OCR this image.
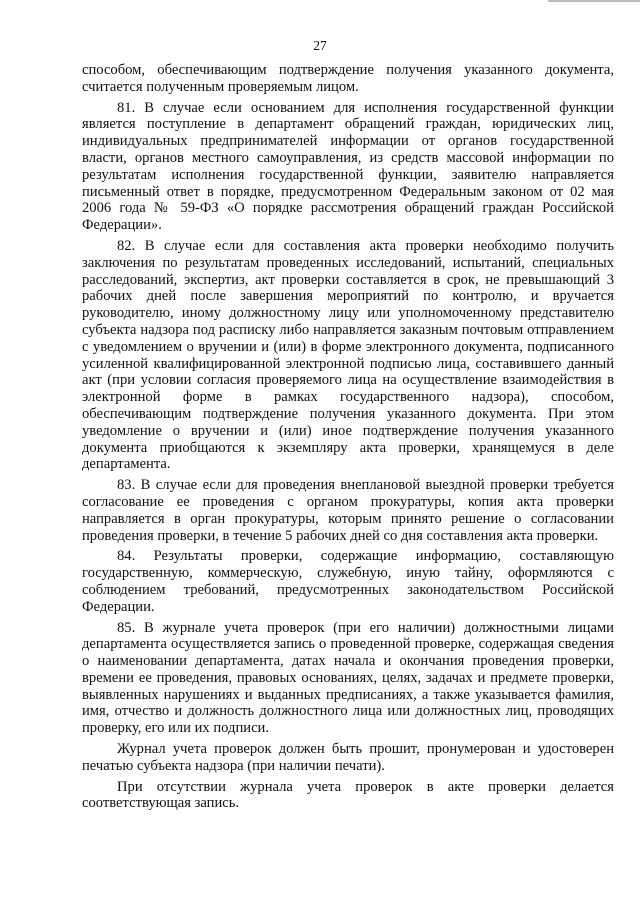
27

способом, обеспечивающим подтверждение получения указанного документа, считается полученным проверяемым лицом.

81. В случае если основанием для исполнения государственной функции является поступление в департамент обращений граждан, юридических лиц, индивидуальных предпринимателей информации от органов государственной власти, органов местного самоуправления, из средств массовой информации по результатам исполнения государственной функции, заявителю направляется письменный ответ в порядке, предусмотренном Федеральным законом от 02 мая 2006 года № 59-ФЗ «О порядке рассмотрения обращений граждан Российской Федерации».

82. В случае если для составления акта проверки необходимо получить заключения по результатам проведенных исследований, испытаний, специальных расследований, экспертиз, акт проверки составляется в срок, не превышающий 3 рабочих дней после завершения мероприятий по контролю, и вручается руководителю, иному должностному лицу или уполномоченному представителю субъекта надзора под расписку либо направляется заказным почтовым отправлением с уведомлением о вручении и (или) в форме электронного документа, подписанного усиленной квалифицированной электронной подписью лица, составившего данный акт (при условии согласия проверяемого лица на осуществление взаимодействия в электронной форме в рамках государственного надзора), способом, обеспечивающим подтверждение получения указанного документа. При этом уведомление о вручении и (или) иное подтверждение получения указанного документа приобщаются к экземпляру акта проверки, хранящемуся в деле департамента.

83. В случае если для проведения внеплановой выездной проверки требуется согласование ее проведения с органом прокуратуры, копия акта проверки направляется в орган прокуратуры, которым принято решение о согласовании проведения проверки, в течение 5 рабочих дней со дня составления акта проверки.

84. Результаты проверки, содержащие информацию, составляющую государственную, коммерческую, служебную, иную тайну, оформляются с соблюдением требований, предусмотренных законодательством Российской Федерации.

85. В журнале учета проверок (при его наличии) должностными лицами департамента осуществляется запись о проведенной проверке, содержащая сведения о наименовании департамента, датах начала и окончания проведения проверки, времени ее проведения, правовых основаниях, целях, задачах и предмете проверки, выявленных нарушениях и выданных предписаниях, а также указывается фамилия, имя, отчество и должность должностного лица или должностных лиц, проводящих проверку, его или их подписи.

Журнал учета проверок должен быть прошит, пронумерован и удостоверен печатью субъекта надзора (при наличии печати).

При отсутствии журнала учета проверок в акте проверки делается соответствующая запись.
